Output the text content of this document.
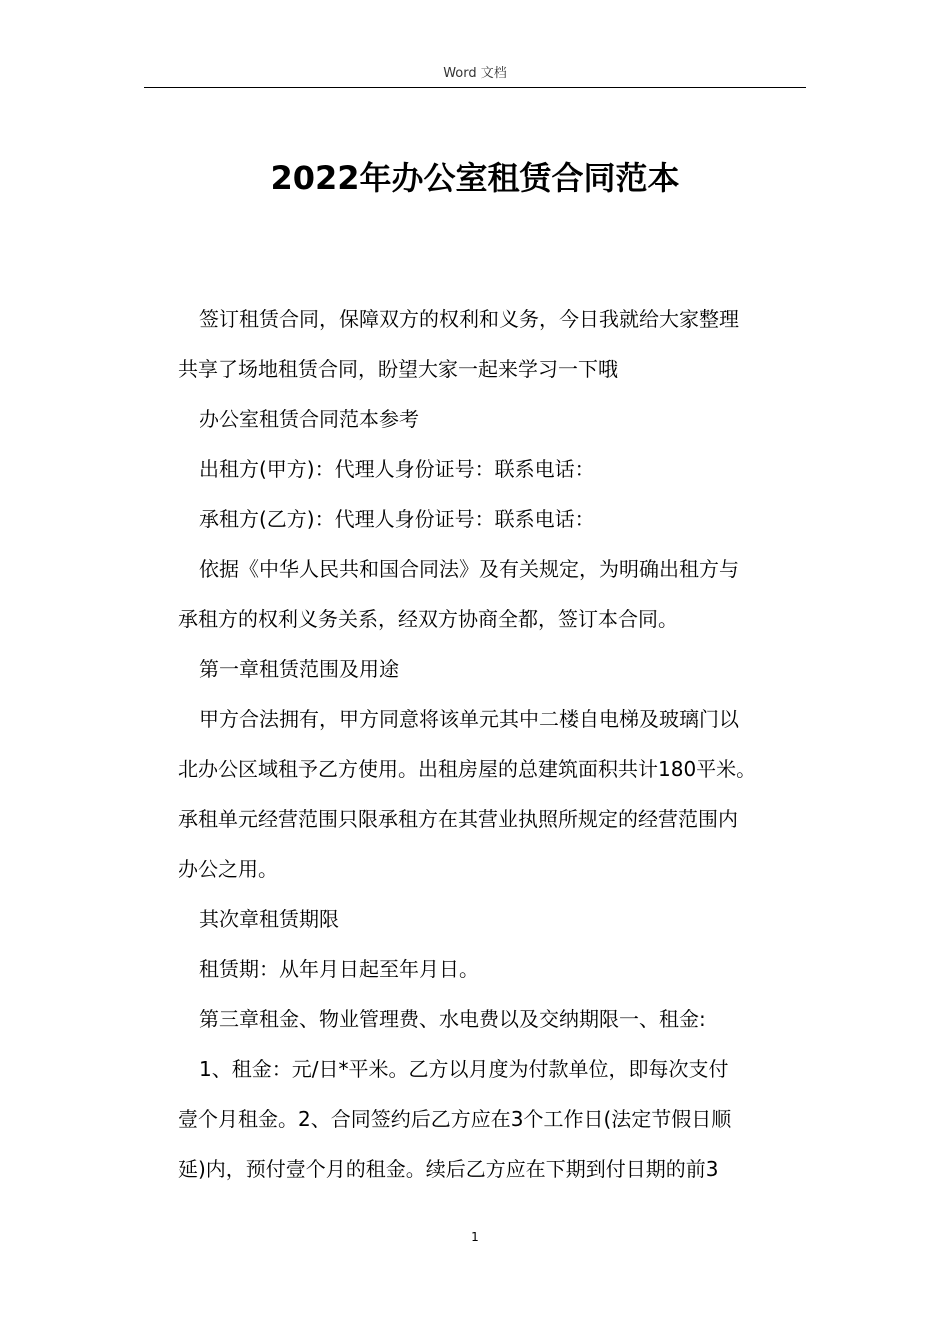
Word 文档
2022年办公室租赁合同范本

签订租赁合同，保障双方的权利和义务，今日我就给大家整理
共享了场地租赁合同，盼望大家一起来学习一下哦

办公室租赁合同范本参考

出租方(甲方)：代理人身份证号：联系电话：

承租方(乙方)：代理人身份证号：联系电话：

依据《中华人民共和国合同法》及有关规定，为明确出租方与
承租方的权利义务关系，经双方协商全都，签订本合同。

第一章租赁范围及用途

甲方合法拥有，甲方同意将该单元其中二楼自电梯及玻璃门以
北办公区域租予乙方使用。出租房屋的总建筑面积共计180平米。
承租单元经营范围只限承租方在其营业执照所规定的经营范围内
办公之用。

其次章租赁期限

租赁期：从年月日起至年月日。

第三章租金、物业管理费、水电费以及交纳期限一、租金:

1、租金：元/日*平米。乙方以月度为付款单位，即每次支付
壹个月租金。2、合同签约后乙方应在3个工作日(法定节假日顺
延)内，预付壹个月的租金。续后乙方应在下期到付日期的前3

1
